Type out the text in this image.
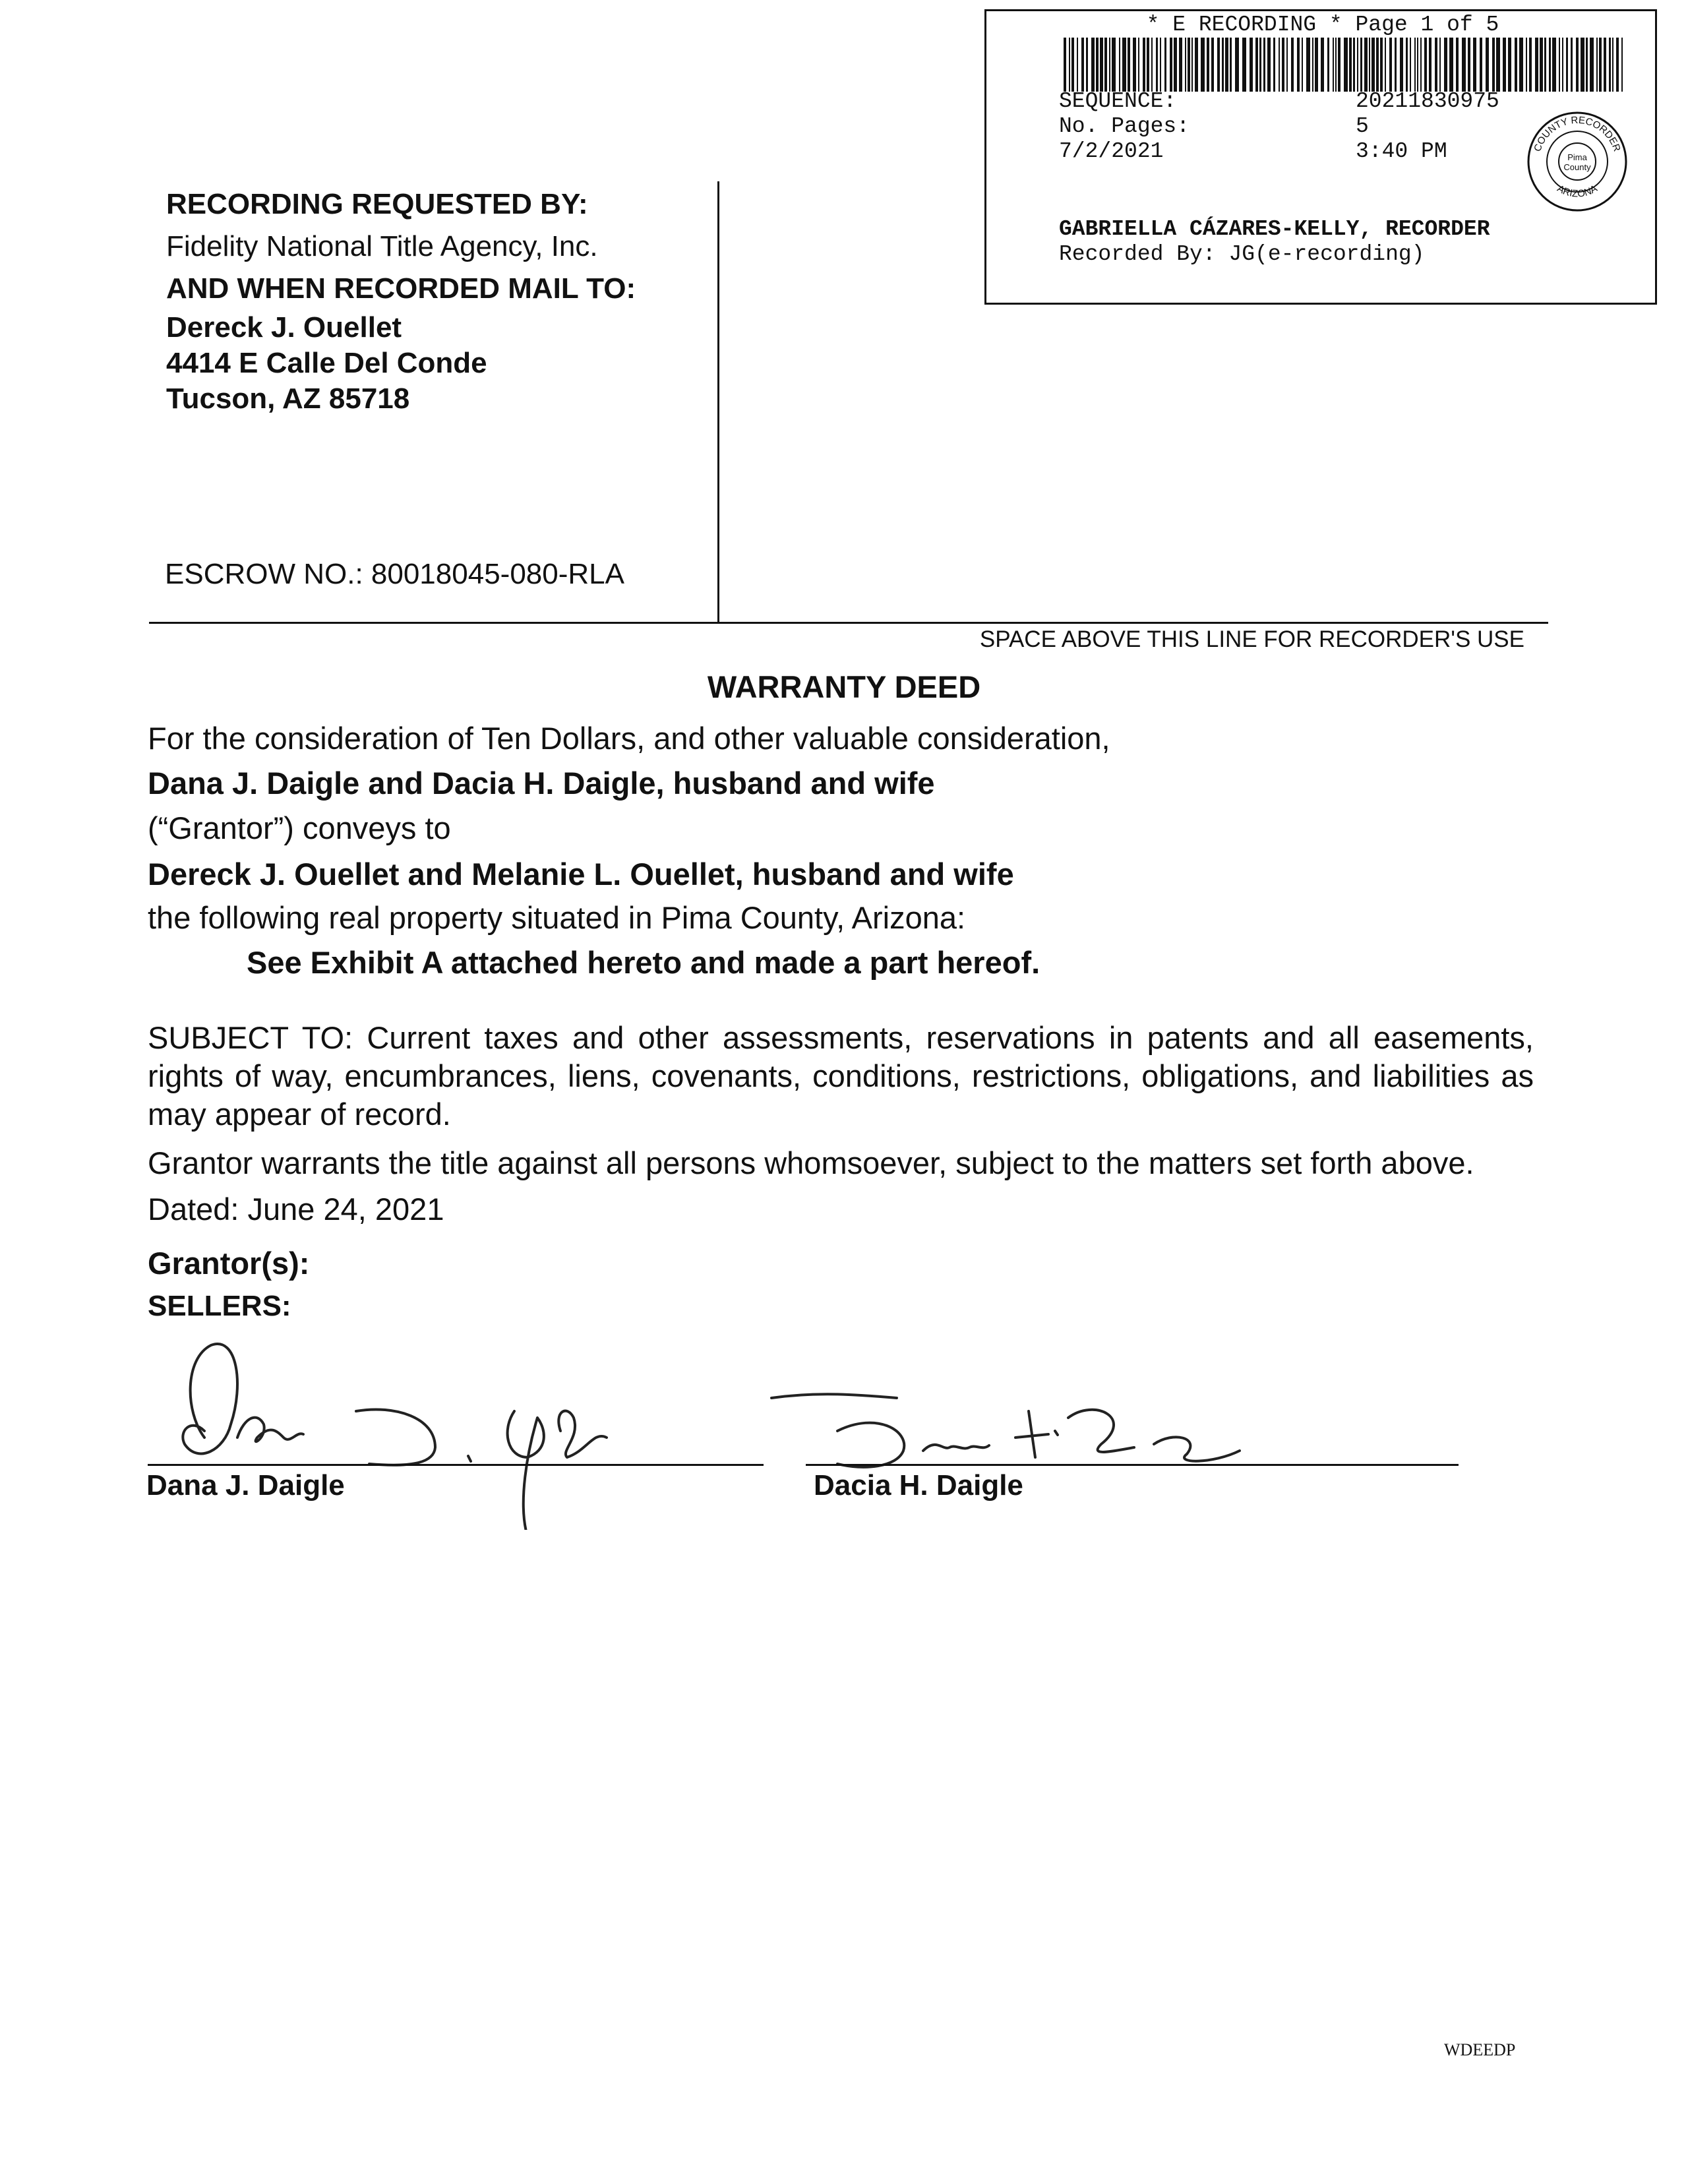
* E RECORDING * Page 1 of 5
SEQUENCE:	20211830975
No. Pages:	5
7/2/2021	3:40 PM	COUNTY RECORDER
ARIZONA
Pima
County
GABRIELLA CÁZARES-KELLY, RECORDER
Recorded By: JG(e-recording)
RECORDING REQUESTED BY:
Fidelity National Title Agency, Inc.
AND WHEN RECORDED MAIL TO:
Dereck J. Ouellet
4414 E Calle Del Conde
Tucson, AZ 85718
ESCROW NO.: 80018045-080-RLA
SPACE ABOVE THIS LINE FOR RECORDER'S USE
WARRANTY DEED
For the consideration of Ten Dollars, and other valuable consideration,
Dana J. Daigle and Dacia H. Daigle, husband and wife
(“Grantor”) conveys to
Dereck J. Ouellet and Melanie L. Ouellet, husband and wife
the following real property situated in Pima County, Arizona:
See Exhibit A attached hereto and made a part hereof.
SUBJECT TO: Current taxes and other assessments, reservations in patents and all easements, rights of way, encumbrances, liens, covenants, conditions, restrictions, obligations, and liabilities as may appear of record.
Grantor warrants the title against all persons whomsoever, subject to the matters set forth above.
Dated: June 24, 2021
Grantor(s):
SELLERS:
Dana J. Daigle	Dacia H. Daigle
WDEEDP
